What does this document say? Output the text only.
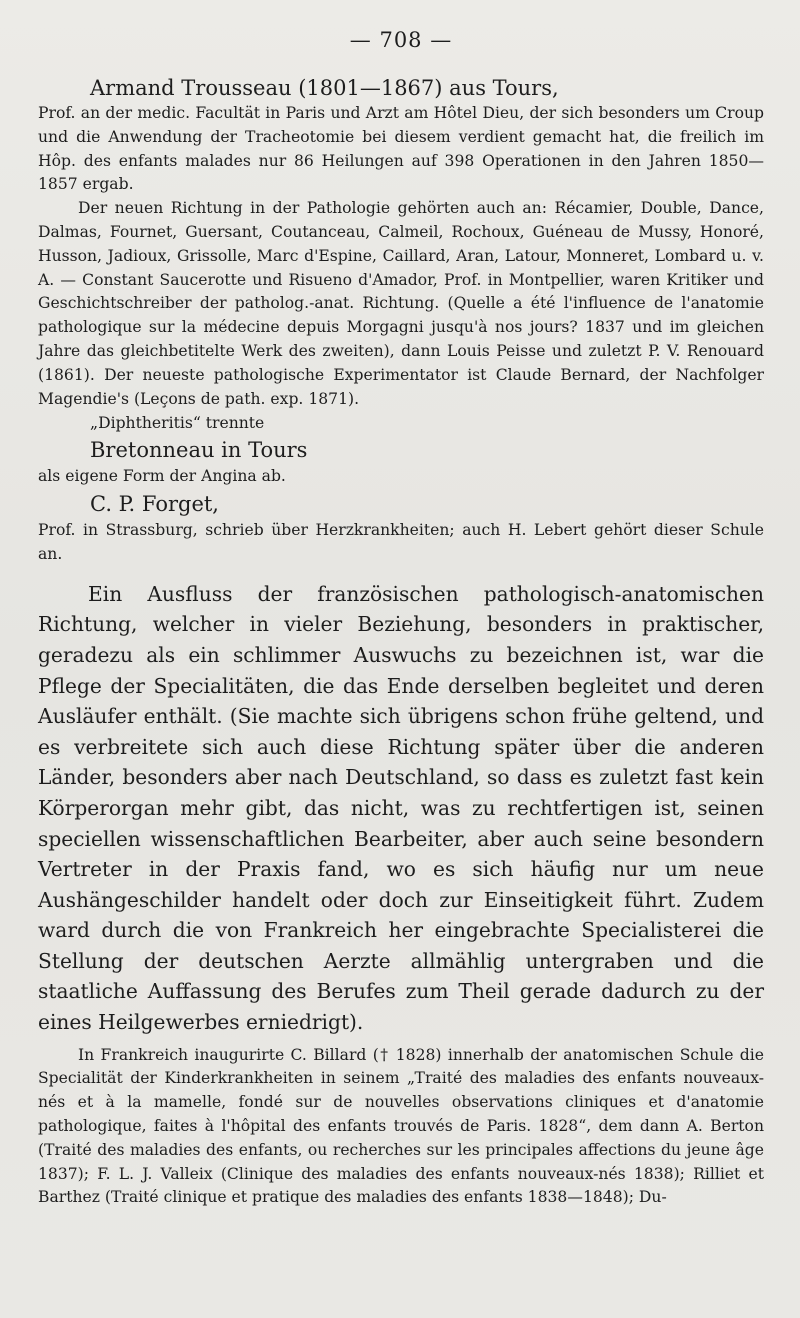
— 708 —

Armand Trousseau (1801—1867) aus Tours,

Prof. an der medic. Facultät in Paris und Arzt am Hôtel Dieu, der sich besonders um Croup und die Anwendung der Tracheotomie bei diesem verdient gemacht hat, die freilich im Hôp. des enfants malades nur 86 Heilungen auf 398 Operationen in den Jahren 1850—1857 ergab.

Der neuen Richtung in der Pathologie gehörten auch an: Récamier, Double, Dance, Dalmas, Fournet, Guersant, Coutanceau, Calmeil, Rochoux, Guéneau de Mussy, Honoré, Husson, Jadioux, Grissolle, Marc d'Espine, Caillard, Aran, Latour, Monneret, Lombard u. v. A. — Constant Saucerotte und Risueno d'Amador, Prof. in Montpellier, waren Kritiker und Geschichtschreiber der patholog.-anat. Richtung. (Quelle a été l'influence de l'anatomie pathologique sur la médecine depuis Morgagni jusqu'à nos jours? 1837 und im gleichen Jahre das gleichbetitelte Werk des zweiten), dann Louis Peisse und zuletzt P. V. Renouard (1861). Der neueste pathologische Experimentator ist Claude Bernard, der Nachfolger Magendie's (Leçons de path. exp. 1871).

„Diphtheritis“ trennte

Bretonneau in Tours

als eigene Form der Angina ab.

C. P. Forget,

Prof. in Strassburg, schrieb über Herzkrankheiten; auch H. Lebert gehört dieser Schule an.

Ein Ausfluss der französischen pathologisch-anatomischen Richtung, welcher in vieler Beziehung, besonders in praktischer, geradezu als ein schlimmer Auswuchs zu bezeichnen ist, war die Pflege der Specialitäten, die das Ende derselben begleitet und deren Ausläufer enthält. (Sie machte sich übrigens schon frühe geltend, und es verbreitete sich auch diese Richtung später über die anderen Länder, besonders aber nach Deutschland, so dass es zuletzt fast kein Körperorgan mehr gibt, das nicht, was zu rechtfertigen ist, seinen speciellen wissenschaftlichen Bearbeiter, aber auch seine besondern Vertreter in der Praxis fand, wo es sich häufig nur um neue Aushängeschilder handelt oder doch zur Einseitigkeit führt. Zudem ward durch die von Frankreich her eingebrachte Specialisterei die Stellung der deutschen Aerzte allmählig untergraben und die staatliche Auffassung des Berufes zum Theil gerade dadurch zu der eines Heilgewerbes erniedrigt).

In Frankreich inaugurirte C. Billard († 1828) innerhalb der anatomischen Schule die Specialität der Kinderkrankheiten in seinem „Traité des maladies des enfants nouveaux-nés et à la mamelle, fondé sur de nouvelles observations cliniques et d'anatomie pathologique, faites à l'hôpital des enfants trouvés de Paris. 1828“, dem dann A. Berton (Traité des maladies des enfants, ou recherches sur les principales affections du jeune âge 1837); F. L. J. Valleix (Clinique des maladies des enfants nouveaux-nés 1838); Rilliet et Barthez (Traité clinique et pratique des maladies des enfants 1838—1848); Du-
